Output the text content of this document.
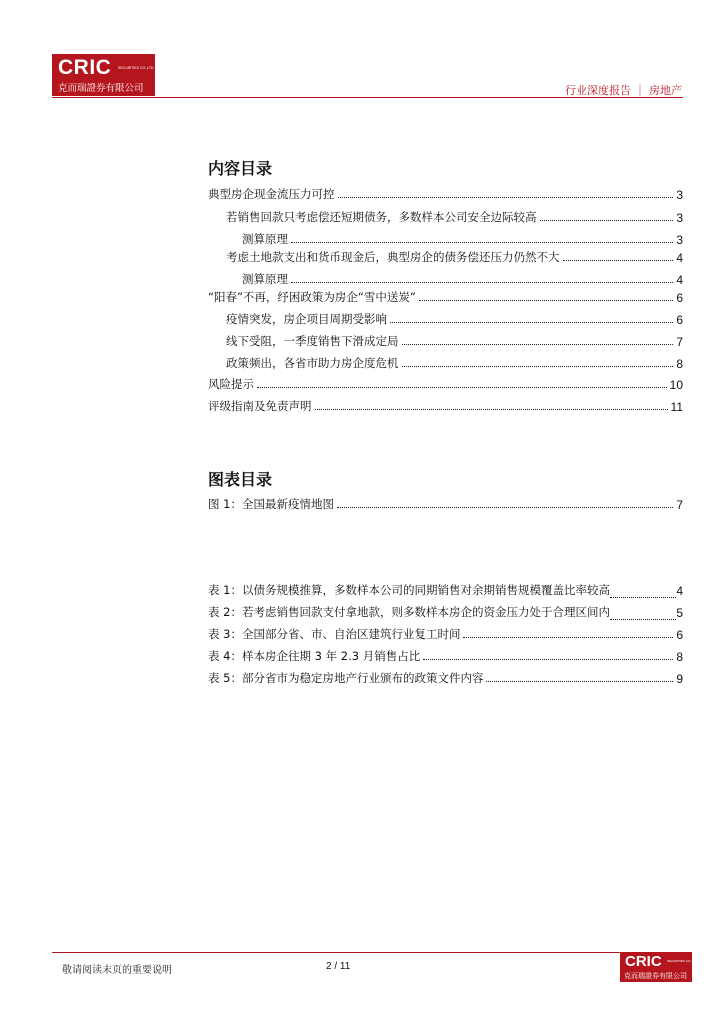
CRIC SECURITIES CO.,LTD
克而瑞證券有限公司	行业深度报告 ｜ 房地产
内容目录
典型房企现金流压力可控	3
若销售回款只考虑偿还短期债务，多数样本公司安全边际较高	3
测算原理	3
考虑土地款支出和货币现金后，典型房企的债务偿还压力仍然不大	4
测算原理	4
“阳春”不再，纾困政策为房企“雪中送炭”	6
疫情突发，房企项目周期受影响	6
线下受阻，一季度销售下滑成定局	7
政策频出，各省市助力房企度危机	8
风险提示	10
评级指南及免责声明	11
图表目录
图 1：全国最新疫情地图	7
表 1：以债务规模推算，多数样本公司的同期销售对余期销售规模覆盖比率较高	4
表 2：若考虑销售回款支付拿地款，则多数样本房企的资金压力处于合理区间内	5
表 3：全国部分省、市、自治区建筑行业复工时间	6
表 4：样本房企往期 3 年 2.3 月销售占比	8
表 5：部分省市为稳定房地产行业颁布的政策文件内容	9
敬请阅读末页的重要说明	2 / 11	CRIC SECURITIES CO.,LTD
克而瑞證券有限公司
